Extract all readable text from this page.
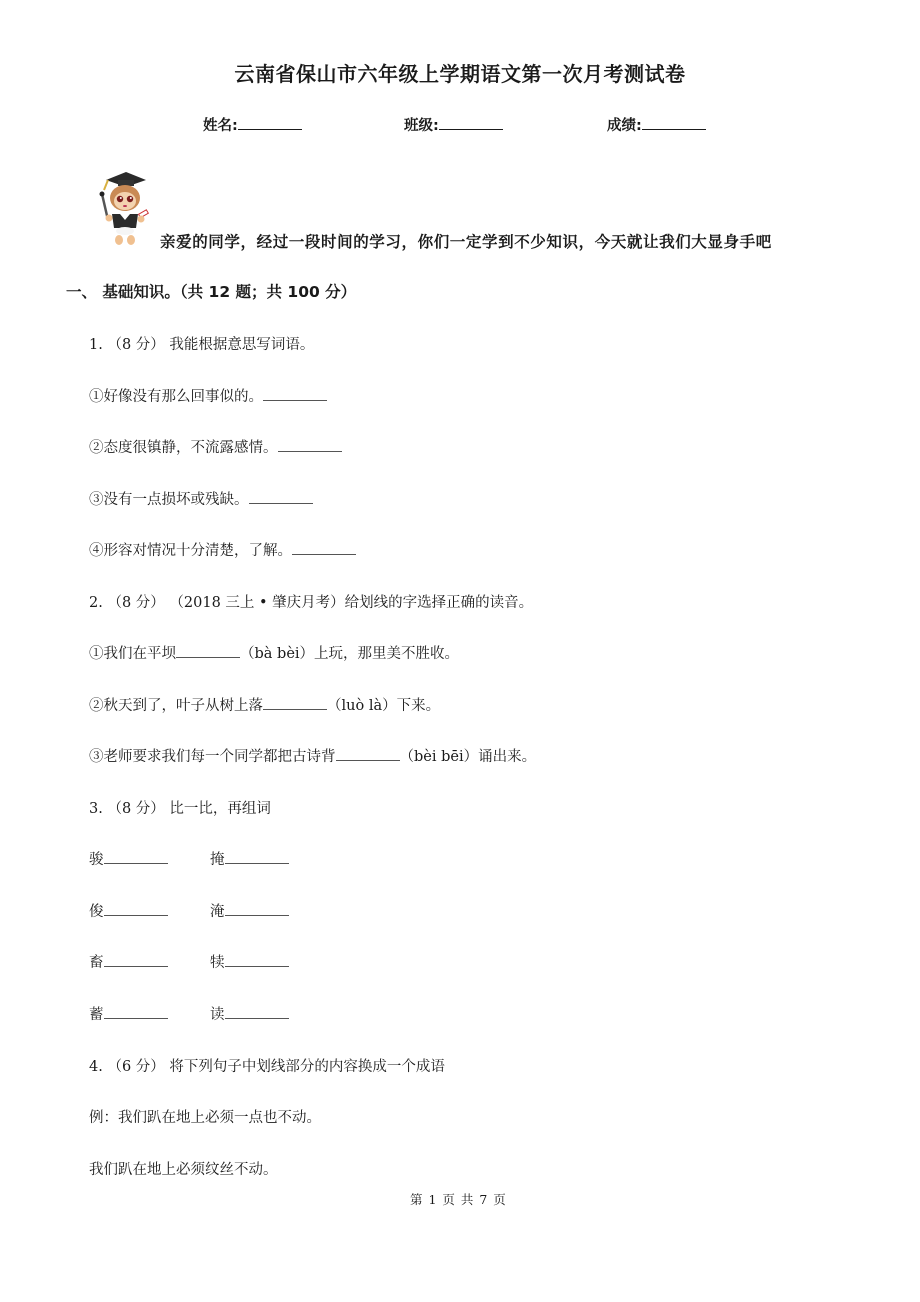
云南省保山市六年级上学期语文第一次月考测试卷
姓名:	班级:	成绩:
亲爱的同学，经过一段时间的学习，你们一定学到不少知识，今天就让我们大显身手吧
一、 基础知识。（共 12 题；共 100 分）
1. （8 分） 我能根据意思写词语。
①好像没有那么回事似的。
②态度很镇静，不流露感情。
③没有一点损坏或残缺。
④形容对情况十分清楚，了解。
2. （8 分） （2018 三上 • 肇庆月考）给划线的字选择正确的读音。
①我们在平坝	（bà bèi）上玩，那里美不胜收。
②秋天到了，叶子从树上落	（luò là）下来。
③老师要求我们每一个同学都把古诗背	（bèi bēi）诵出来。
3. （8 分） 比一比，再组词
骏	掩
俊	淹
畜	犊
蓄	读
4. （6 分） 将下列句子中划线部分的内容换成一个成语
例：我们趴在地上必须一点也不动。
我们趴在地上必须纹丝不动。
第 1 页 共 7 页
